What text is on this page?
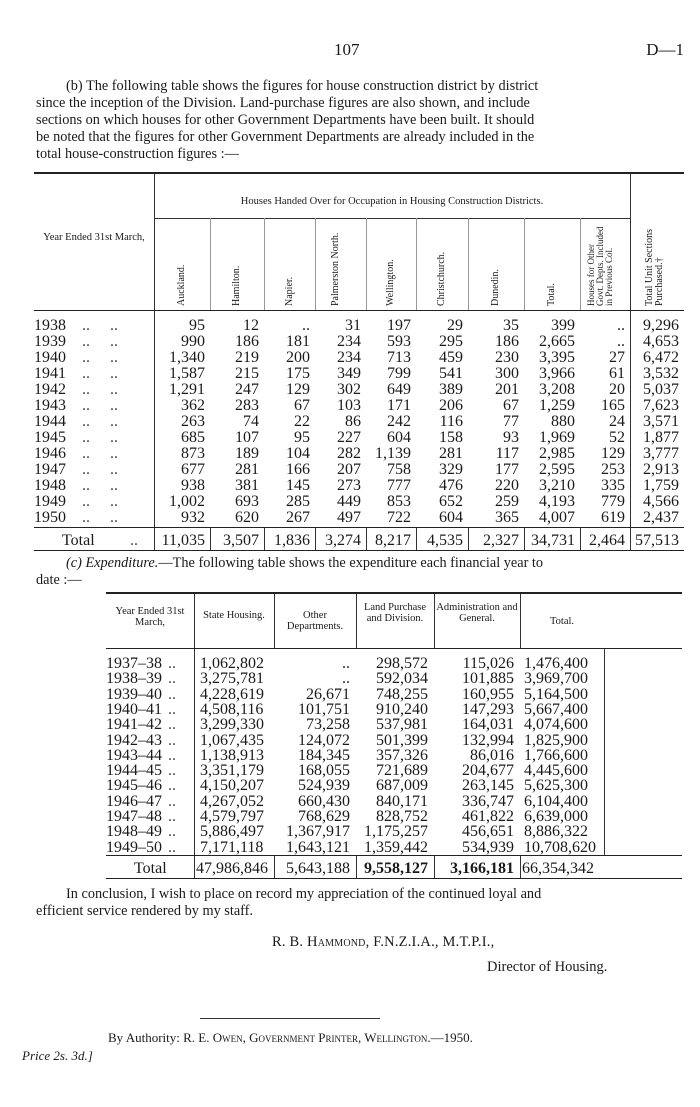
107	D—1
(b) The following table shows the figures for house construction district by district
since the inception of the Division. Land-purchase figures are also shown, and include
sections on which houses for other Government Departments have been built. It should
be noted that the figures for other Government Departments are already included in the
total house-construction figures :—
Year Ended 31st March,
Houses Handed Over for Occupation in Housing Construction Districts.
Auckland.	Hamilton.	Napier.	Palmerston North.	Wellington.	Christchurch.	Dunedin.	Total.	Houses for Other Govt. Depts. Included in Previous Col.	Total Unit Sections Purchased.†
1938 ..     ..	95	12	..	31	197	29	35	399	..	9,296
1939 ..     ..	990	186	181	234	593	295	186	2,665	..	4,653
1940 ..     ..	1,340	219	200	234	713	459	230	3,395	27	6,472
1941 ..     ..	1,587	215	175	349	799	541	300	3,966	61	3,532
1942 ..     ..	1,291	247	129	302	649	389	201	3,208	20	5,037
1943 ..     ..	362	283	67	103	171	206	67	1,259	165	7,623
1944 ..     ..	263	74	22	86	242	116	77	880	24	3,571
1945 ..     ..	685	107	95	227	604	158	93	1,969	52	1,877
1946 ..     ..	873	189	104	282 1,139	281	117	2,985	129	3,777
1947 ..     ..	677	281	166	207	758	329	177	2,595	253	2,913
1948 ..     ..	938	381	145	273	777	476	220	3,210	335	1,759
1949 ..     ..	1,002	693	285	449	853	652	259	4,193	779	4,566
1950 ..     ..	932	620	267	497	722	604	365	4,007	619	2,437
Total ..	11,035	3,507 1,836 3,274 8,217	4,535	2,327 34,731 2,464 57,513
(c) Expenditure.—The following table shows the expenditure each financial year to
date :—
Year Ended 31st March,
State Housing.	Other Departments.
Land Purchase and Division.
Administration and General.	Total.
1937–38 .. 1,062,802	..	298,572	115,026 1,476,400
1938–39 .. 3,275,781	..	592,034	101,885 3,969,700
1939–40 .. 4,228,619	26,671	748,255	160,955 5,164,500
1940–41 .. 4,508,116	101,751	910,240	147,293 5,667,400
1941–42 .. 3,299,330	73,258	537,981	164,031 4,074,600
1942–43 .. 1,067,435	124,072	501,399	132,994 1,825,900
1943–44 .. 1,138,913	184,345	357,326	86,016 1,766,600
1944–45 .. 3,351,179	168,055	721,689	204,677 4,445,600
1945–46 .. 4,150,207	524,939	687,009	263,145 5,625,300
1946–47 .. 4,267,052	660,430	840,171	336,747 6,104,400
1947–48 .. 4,579,797	768,629	828,752	461,822 6,639,000
1948–49 .. 5,886,497	1,367,917 1,175,257	456,651 8,886,322
1949–50 .. 7,171,118	1,643,121 1,359,442	534,939 10,708,620
Total 47,986,846	5,643,188 9,558,127	3,166,181 66,354,342
In conclusion, I wish to place on record my appreciation of the continued loyal and
efficient service rendered by my staff.
R. B. Hammond, F.N.Z.I.A., M.T.P.I.,
Director of Housing.
By Authority: R. E. Owen, Government Printer, Wellington.—1950.
Price 2s. 3d.]
